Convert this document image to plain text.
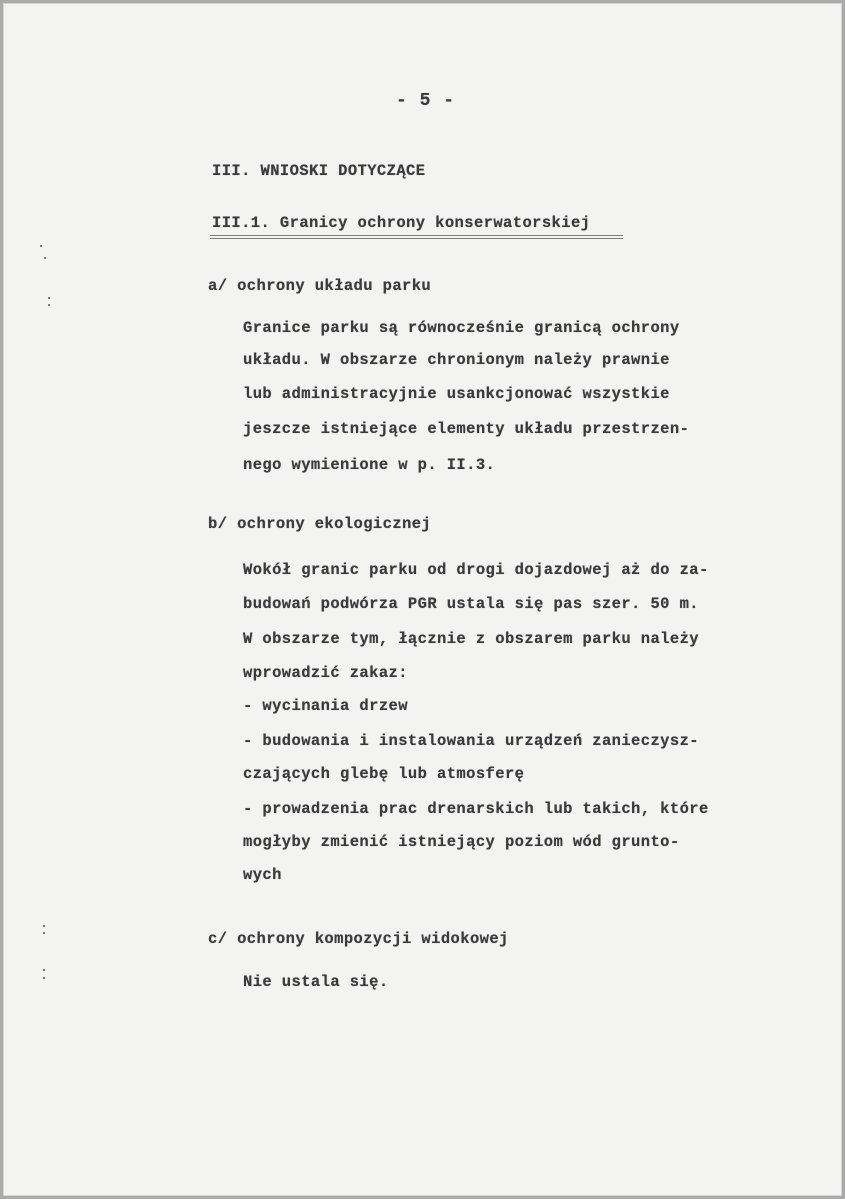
- 5 -
III. WNIOSKI DOTYCZĄCE
III.1. Granicy ochrony konserwatorskiej
a/ ochrony układu parku
Granice parku są równocześnie granicą ochrony
układu. W obszarze chronionym należy prawnie
lub administracyjnie usankcjonować wszystkie
jeszcze istniejące elementy układu przestrzen-
nego wymienione w p. II.3.
b/ ochrony ekologicznej
Wokół granic parku od drogi dojazdowej aż do za-
budowań podwórza PGR ustala się pas szer. 50 m.
W obszarze tym, łącznie z obszarem parku należy
wprowadzić zakaz:
- wycinania drzew
- budowania i instalowania urządzeń zanieczysz-
czających glebę lub atmosferę
- prowadzenia prac drenarskich lub takich, które
mogłyby zmienić istniejący poziom wód grunto-
wych
c/ ochrony kompozycji widokowej
Nie ustala się.
